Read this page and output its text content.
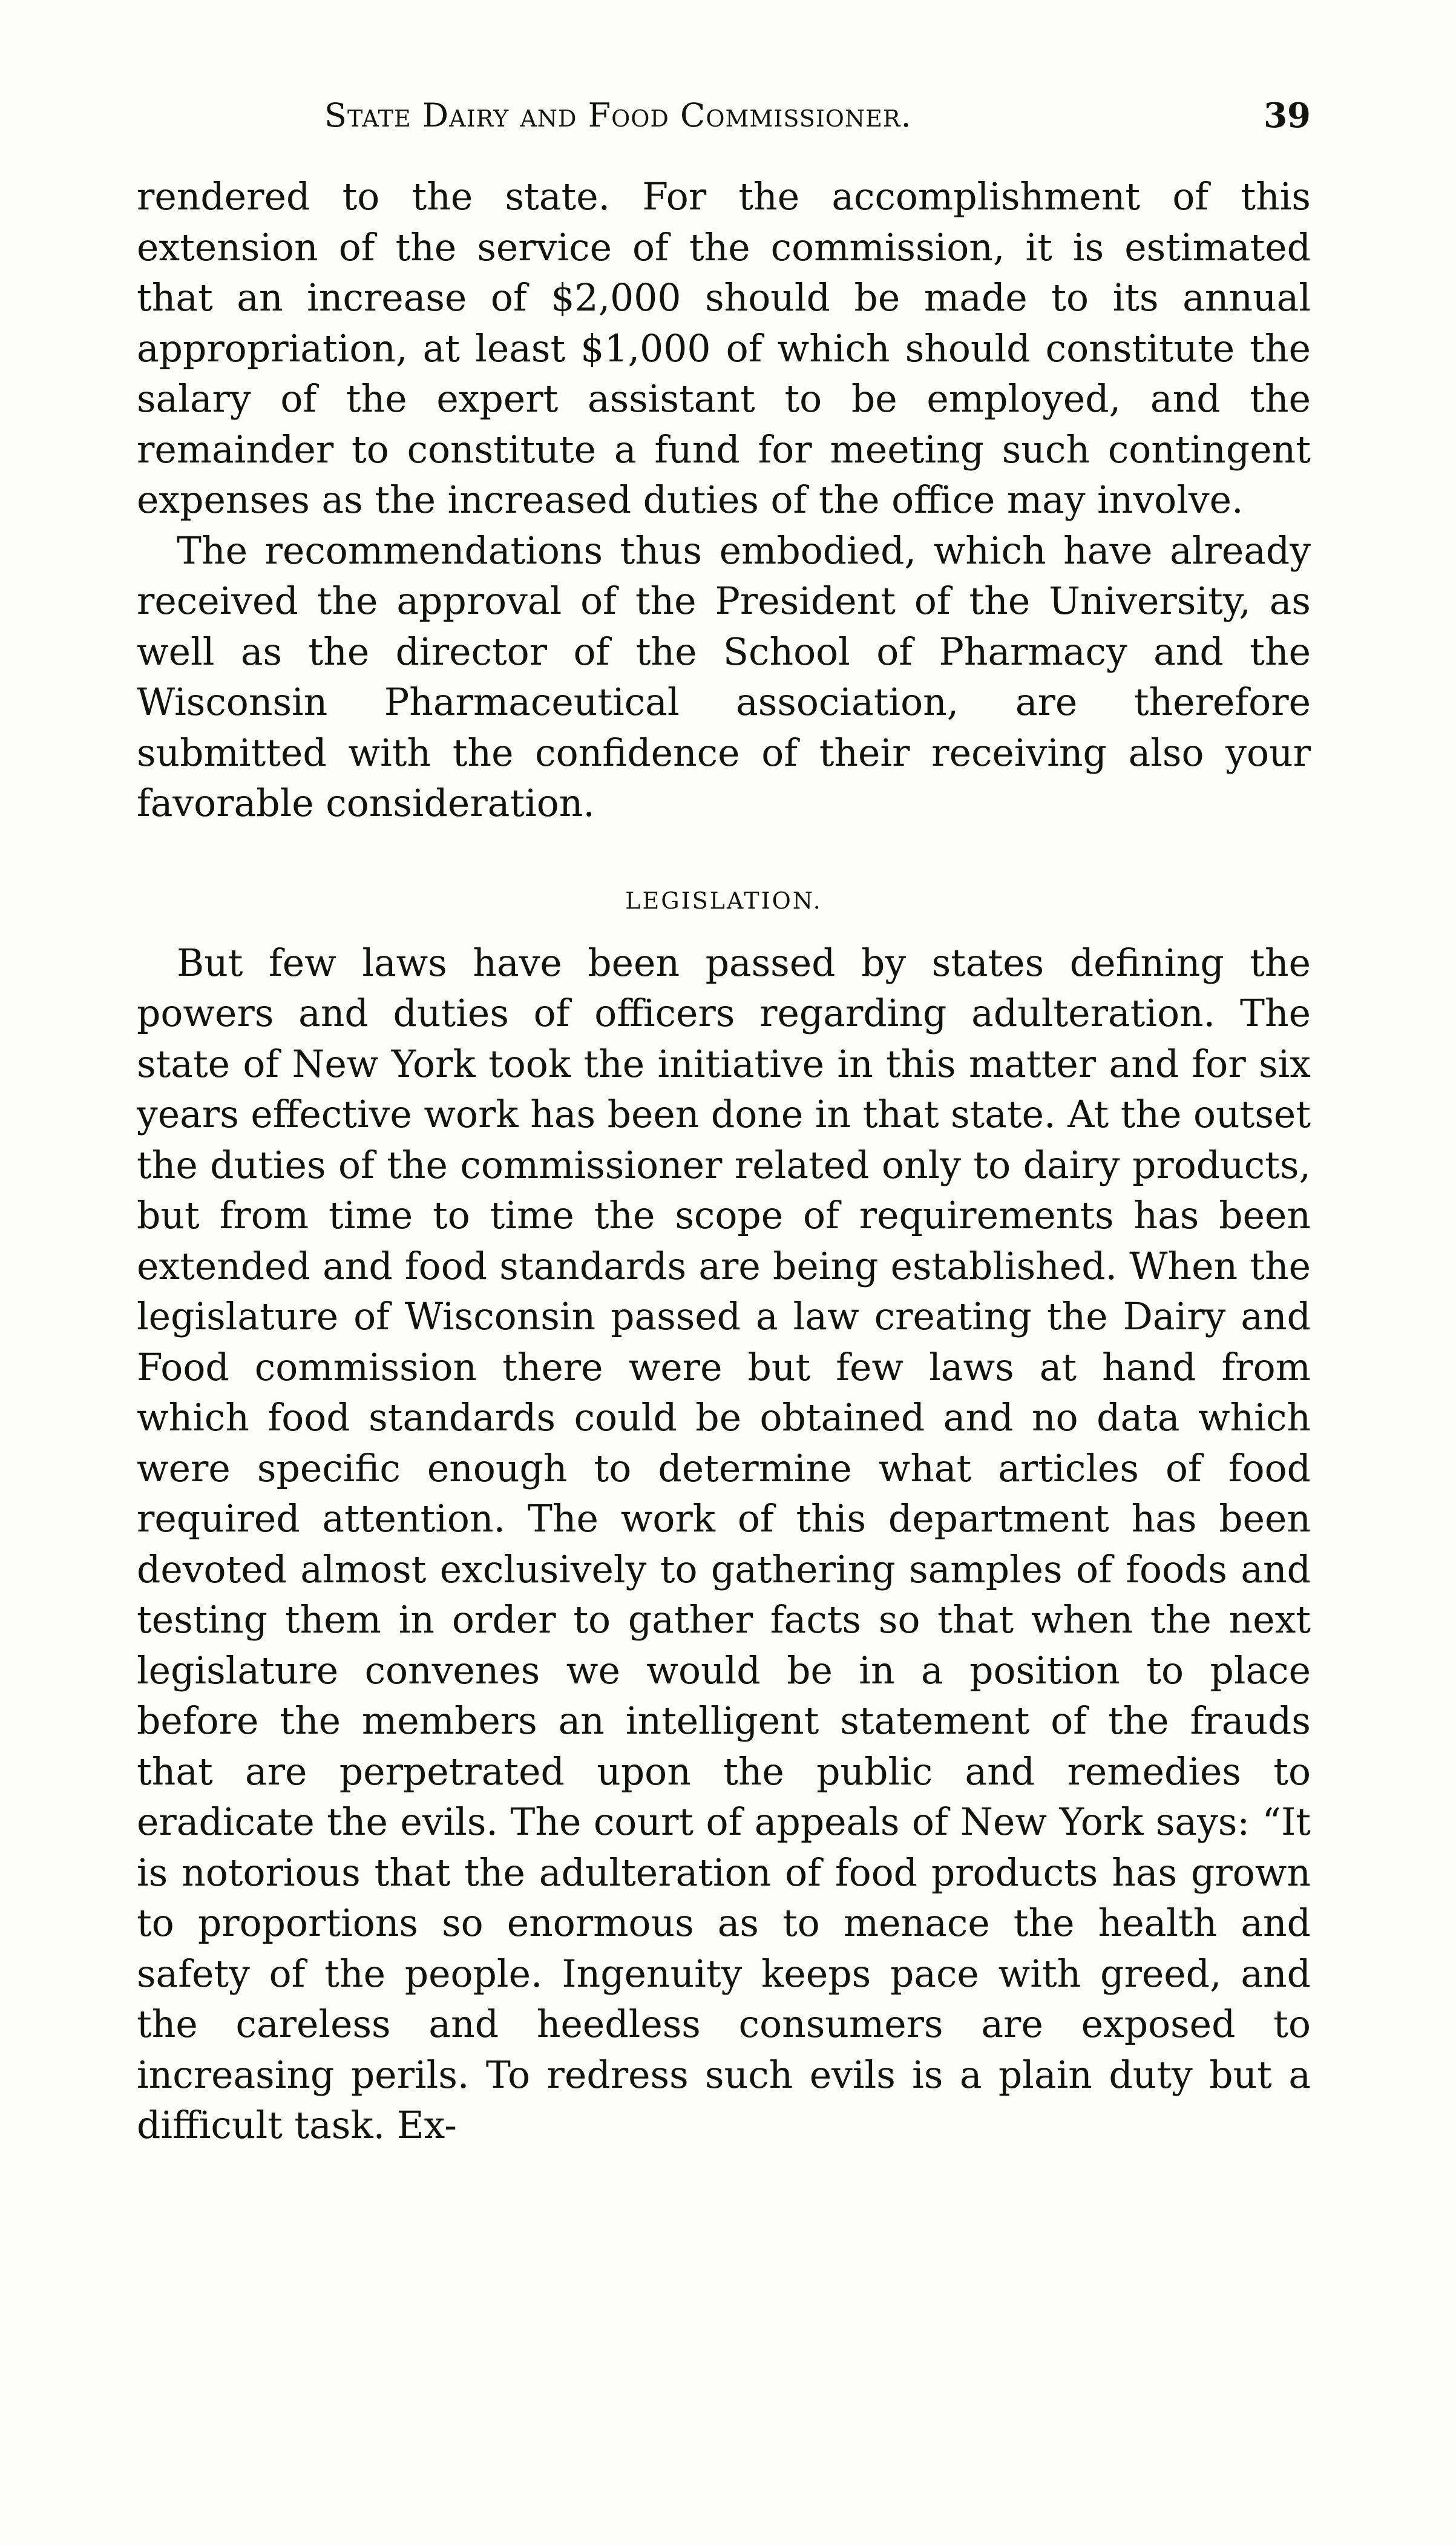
State Dairy and Food Commissioner.	39

rendered to the state. For the accomplishment of this extension of the service of the commission, it is estimated that an increase of $2,000 should be made to its annual appropriation, at least $1,000 of which should constitute the salary of the expert assistant to be employed, and the remainder to constitute a fund for meeting such contingent expenses as the increased duties of the office may involve.

The recommendations thus embodied, which have already received the approval of the President of the University, as well as the director of the School of Pharmacy and the Wisconsin Pharmaceutical association, are therefore submitted with the confidence of their receiving also your favorable consideration.

LEGISLATION.

But few laws have been passed by states defining the powers and duties of officers regarding adulteration. The state of New York took the initiative in this matter and for six years effective work has been done in that state. At the outset the duties of the commissioner related only to dairy products, but from time to time the scope of requirements has been extended and food standards are being established. When the legislature of Wisconsin passed a law creating the Dairy and Food commission there were but few laws at hand from which food standards could be obtained and no data which were specific enough to determine what articles of food required attention. The work of this department has been devoted almost exclusively to gathering samples of foods and testing them in order to gather facts so that when the next legislature convenes we would be in a position to place before the members an intelligent statement of the frauds that are perpetrated upon the public and remedies to eradicate the evils. The court of appeals of New York says: “It is notorious that the adulteration of food products has grown to proportions so enormous as to menace the health and safety of the people. Ingenuity keeps pace with greed, and the careless and heedless consumers are exposed to increasing perils. To redress such evils is a plain duty but a difficult task. Ex-
